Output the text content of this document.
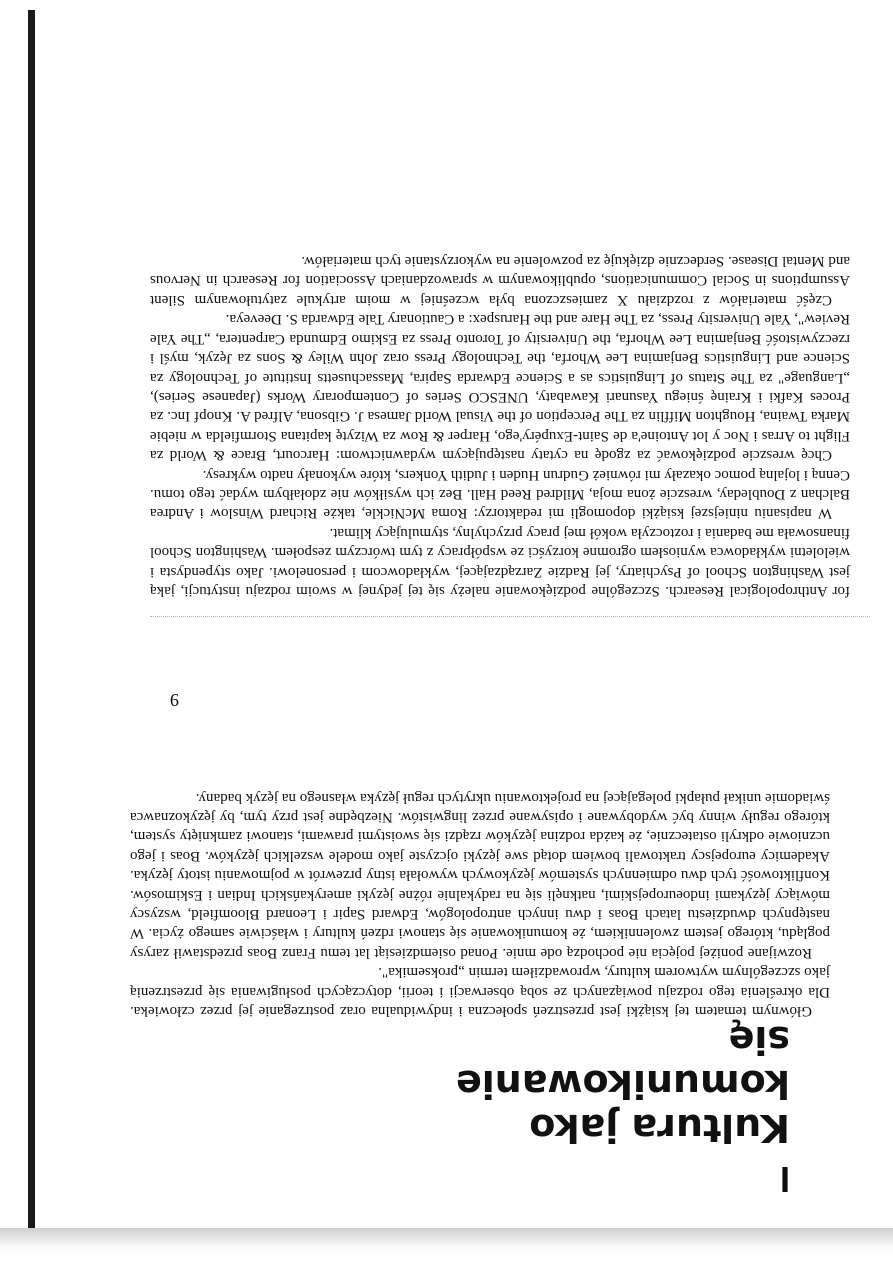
for Anthropological Research. Szczególne podziękowanie należy się tej jedynej w swoim rodzaju instytucji, jaką jest Washington School of Psychiatry, jej Radzie Zarządzającej, wykładowcom i personelowi. Jako stypendysta i wieloletni wykładowca wyniosłem ogromne korzyści ze współpracy z tym twórczym zespołem. Washington School finansowała me badania i roztoczyła wokół mej pracy przychylny, stymulujący klimat.

W napisaniu niniejszej książki dopomogli mi redaktorzy: Roma McNickle, także Richard Winslow i Andrea Balchan z Doubleday, wreszcie żona moja, Mildred Reed Hall. Bez ich wysiłków nie zdołałbym wydać tego tomu. Cenną i lojalną pomoc okazały mi również Gudrun Huden i Judith Yonkers, które wykonały nadto wykresy.

Chcę wreszcie podziękować za zgodę na cytaty następującym wydawnictwom: Harcourt, Brace & World za Flight to Arras i Noc y lot Antoine'a de Saint-Exupéry'ego, Harper & Row za Wizytę kapitana Stormfielda w niebie Marka Twaina, Houghton Mifflin za The Perception of the Visual World Jamesa J. Gibsona, Alfred A. Knopf Inc. za Proces Kafki i Krainę śniegu Yasunari Kawabaty, UNESCO Series of Contemporary Works (Japanese Series), „Language" za The Status of Linguistics as a Science Edwarda Sapira, Massachusetts Institute of Technology za Science and Linguistics Benjamina Lee Whorfa, the Technology Press oraz John Wiley & Sons za Język, myśl i rzeczywistość Benjamina Lee Whorfa, the University of Toronto Press za Eskimo Edmunda Carpentera, „The Yale Review", Yale University Press, za The Hare and the Haruspex: a Cautionary Tale Edwarda S. Deeveya.

Część materiałów z rozdziału X zamieszczona była wcześniej w moim artykule zatytułowanym Silent Assumptions in Social Communications, opublikowanym w sprawozdaniach Association for Research in Nervous and Mental Disease. Serdecznie dziękuję za pozwolenie na wykorzystanie tych materiałów.

I
Kultura jako komunikowanie się

Głównym tematem tej książki jest przestrzeń społeczna i indywidualna oraz postrzeganie jej przez człowieka. Dla określenia tego rodzaju powiązanych ze sobą obserwacji i teorii, dotyczących posługiwania się przestrzenią jako szczególnym wytworem kultury, wprowadziłem termin „proksemika".

Rozwijane poniżej pojęcia nie pochodzą ode mnie. Ponad osiemdziesiąt lat temu Franz Boas przedstawił zarysy poglądu, którego jestem zwolennikiem, że komunikowanie się stanowi rdzeń kultury i właściwie samego życia. W następnych dwudziestu latach Boas i dwu innych antropologów, Edward Sapir i Leonard Bloomfield, wszyscy mówiący językami indoeuropejskimi, natknęli się na radykalnie różne języki amerykańskich Indian i Eskimosów. Konfliktowość tych dwu odmiennych systemów językowych wywołała istny przewrót w pojmowaniu istoty języka. Akademicy europejscy traktowali bowiem dotąd swe języki ojczyste jako modele wszelkich języków. Boas i jego uczniowie odkryli ostatecznie, że każda rodzina języków rządzi się swoistymi prawami, stanowi zamknięty system, którego reguły winny być wydobywane i opisywane przez lingwistów. Niezbędne jest przy tym, by językoznawca świadomie unikał pułapki polegającej na projektowaniu ukrytych reguł języka własnego na język badany.

9
